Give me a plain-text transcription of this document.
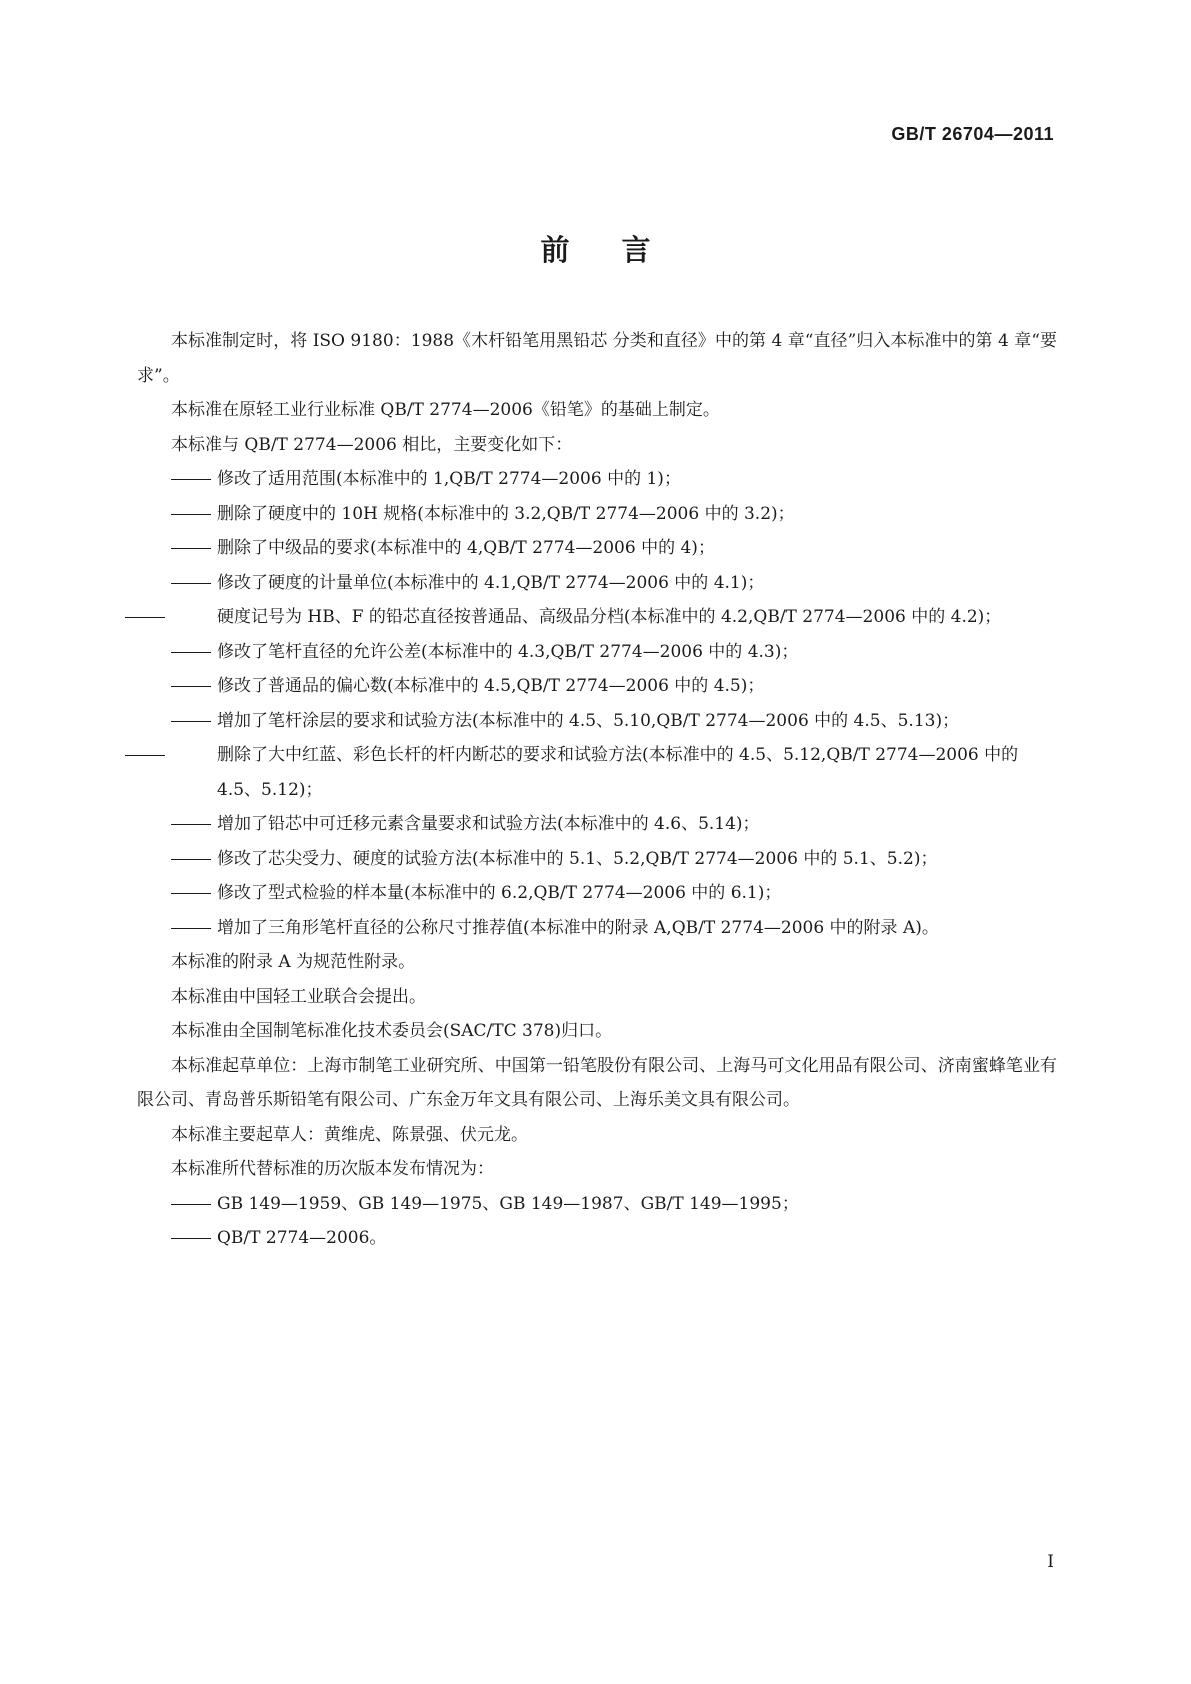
GB/T 26704—2011
前言

本标准制定时，将 ISO 9180：1988《木杆铅笔用黑铅芯 分类和直径》中的第 4 章“直径”归入本标准中的第 4 章“要求”。

本标准在原轻工业行业标准 QB/T 2774—2006《铅笔》的基础上制定。

本标准与 QB/T 2774—2006 相比，主要变化如下：

修改了适用范围(本标准中的 1,QB/T 2774—2006 中的 1)；

删除了硬度中的 10H 规格(本标准中的 3.2,QB/T 2774—2006 中的 3.2)；

删除了中级品的要求(本标准中的 4,QB/T 2774—2006 中的 4)；

修改了硬度的计量单位(本标准中的 4.1,QB/T 2774—2006 中的 4.1)；

硬度记号为 HB、F 的铅芯直径按普通品、高级品分档(本标准中的 4.2,QB/T 2774—2006 中的 4.2)；

修改了笔杆直径的允许公差(本标准中的 4.3,QB/T 2774—2006 中的 4.3)；

修改了普通品的偏心数(本标准中的 4.5,QB/T 2774—2006 中的 4.5)；

增加了笔杆涂层的要求和试验方法(本标准中的 4.5、5.10,QB/T 2774—2006 中的 4.5、5.13)；

删除了大中红蓝、彩色长杆的杆内断芯的要求和试验方法(本标准中的 4.5、5.12,QB/T 2774—2006 中的 4.5、5.12)；

增加了铅芯中可迁移元素含量要求和试验方法(本标准中的 4.6、5.14)；

修改了芯尖受力、硬度的试验方法(本标准中的 5.1、5.2,QB/T 2774—2006 中的 5.1、5.2)；

修改了型式检验的样本量(本标准中的 6.2,QB/T 2774—2006 中的 6.1)；

增加了三角形笔杆直径的公称尺寸推荐值(本标准中的附录 A,QB/T 2774—2006 中的附录 A)。

本标准的附录 A 为规范性附录。

本标准由中国轻工业联合会提出。

本标准由全国制笔标准化技术委员会(SAC/TC 378)归口。

本标准起草单位：上海市制笔工业研究所、中国第一铅笔股份有限公司、上海马可文化用品有限公司、济南蜜蜂笔业有限公司、青岛普乐斯铅笔有限公司、广东金万年文具有限公司、上海乐美文具有限公司。

本标准主要起草人：黄维虎、陈景强、伏元龙。

本标准所代替标准的历次版本发布情况为：

GB 149—1959、GB 149—1975、GB 149—1987、GB/T 149—1995；

QB/T 2774—2006。

I
